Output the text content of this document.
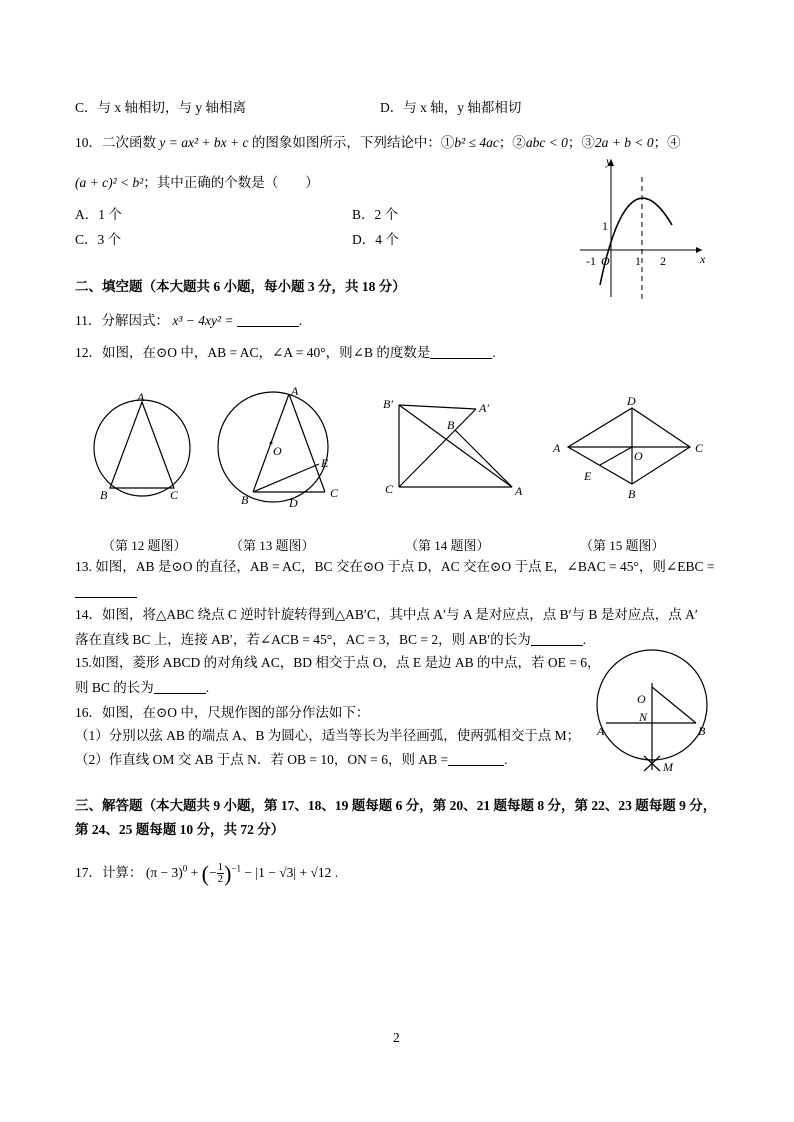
C．与 x 轴相切，与 y 轴相离	D．与 x 轴，y 轴都相切
10．二次函数 y = ax² + bx + c 的图象如图所示，下列结论中：①b² ≤ 4ac；②abc < 0；③2a + b < 0；④
(a + c)² < b²；其中正确的个数是（　　）
A．1 个	B．2 个
C．3 个	D．4 个
y
x
-1 O 1 2
1
二、填空题（本大题共 6 小题，每小题 3 分，共 18 分）
11．分解因式： x³ − 4xy² =	.
12．如图，在⊙O 中，AB = AC，∠A = 40°，则∠B 的度数是	.
A
B	C
A
O
E
B	D
C
B′	A′
B
C	A
D
A	C
O
E
B
（第 12 题图）	（第 13 题图）	（第 14 题图）	（第 15 题图）
13. 如图，AB 是⊙O 的直径，AB = AC，BC 交在⊙O 于点 D，AC 交在⊙O 于点 E，∠BAC = 45°，则∠EBC =
14．如图，将△ABC 绕点 C 逆时针旋转得到△AB′C，其中点 A′与 A 是对应点，点 B′与 B 是对应点，点 A′
落在直线 BC 上，连接 AB′，若∠ACB = 45°，AC = 3，BC = 2，则 AB′的长为	.
15.如图，菱形 ABCD 的对角线 AC，BD 相交于点 O，点 E 是边 AB 的中点，若 OE = 6，
则 BC 的长为	.
16．如图，在⊙O 中，尺规作图的部分作法如下：
（1）分别以弦 AB 的端点 A、B 为圆心，适当等长为半径画弧，使两弧相交于点 M；
（2）作直线 OM 交 AB 于点 N．若 OB = 10，ON = 6，则 AB =	.
O
N
A	B
M
三、解答题（本大题共 9 小题，第 17、18、19 题每题 6 分，第 20、21 题每题 8 分，第 22、23 题每题 9 分，
第 24、25 题每题 10 分，共 72 分）
17．计算： $(\pi - 3)^0$ + (− $\frac{1}{2} )^{-1} - |1 - √3| + √12$ .
2
